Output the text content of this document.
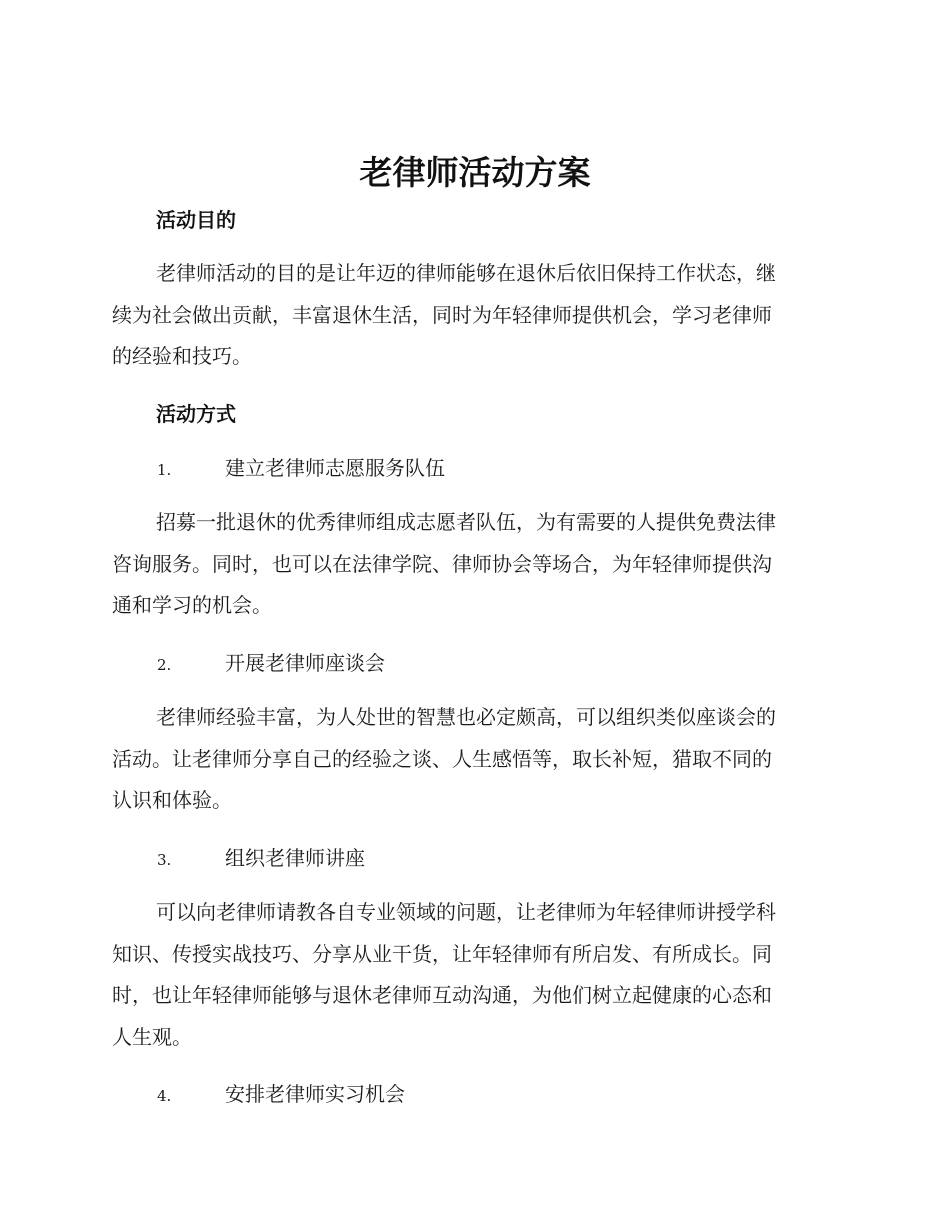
老律师活动方案
活动目的
老律师活动的目的是让年迈的律师能够在退休后依旧保持工作状态，继
续为社会做出贡献，丰富退休生活，同时为年轻律师提供机会，学习老律师
的经验和技巧。
活动方式
1.	建立老律师志愿服务队伍
招募一批退休的优秀律师组成志愿者队伍，为有需要的人提供免费法律
咨询服务。同时，也可以在法律学院、律师协会等场合，为年轻律师提供沟
通和学习的机会。
2.	开展老律师座谈会
老律师经验丰富，为人处世的智慧也必定颇高，可以组织类似座谈会的
活动。让老律师分享自己的经验之谈、人生感悟等，取长补短，猎取不同的
认识和体验。
3.	组织老律师讲座
可以向老律师请教各自专业领域的问题，让老律师为年轻律师讲授学科
知识、传授实战技巧、分享从业干货，让年轻律师有所启发、有所成长。同
时，也让年轻律师能够与退休老律师互动沟通，为他们树立起健康的心态和
人生观。
4.	安排老律师实习机会
